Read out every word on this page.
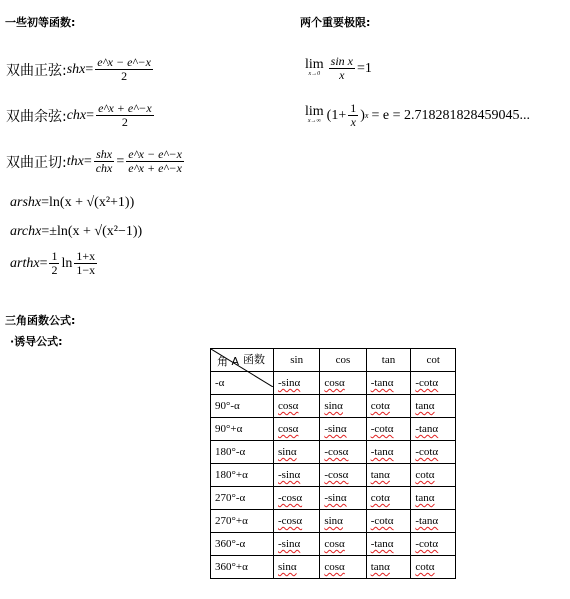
一些初等函数:	两个重要极限:
双曲正弦: shx = $\frac{e\^{}x - e\^{}-x}{2}$
双曲余弦: chx = $\frac{e\^{}x + e\^{}-x}{2}$
双曲正切: thx = $\frac{\text{shx}}{\text{chx}} = \frac{e\^{}x - e\^{}-x}{e\^{}x + e\^{}-x}$
arshx = ln(x + √(x²+1))
archx = ±ln(x + √(x²−1))
arthx = $\frac{1}{2}$ $\ln \frac{1+x}{1-x}$
lim
$x\to 0 \frac{\text{sin x}}{x} =1$
lim
x→∞ ($1+ \frac{1}{x}$ ) x = e = 2.718281828459045...
三角函数公式:
·诱导公式:
函数
角 A	sin	cos	tan	cot
-α	-sinα	cosα	-tanα	-cotα
90°-α	cosα	sinα	cotα	tanα
90°+α	cosα	-sinα	-cotα	-tanα
180°-α	sinα	-cosα	-tanα	-cotα
180°+α	-sinα	-cosα	tanα	cotα
270°-α	-cosα	-sinα	cotα	tanα
270°+α	-cosα	sinα	-cotα	-tanα
360°-α	-sinα	cosα	-tanα	-cotα
360°+α	sinα	cosα	tanα	cotα
